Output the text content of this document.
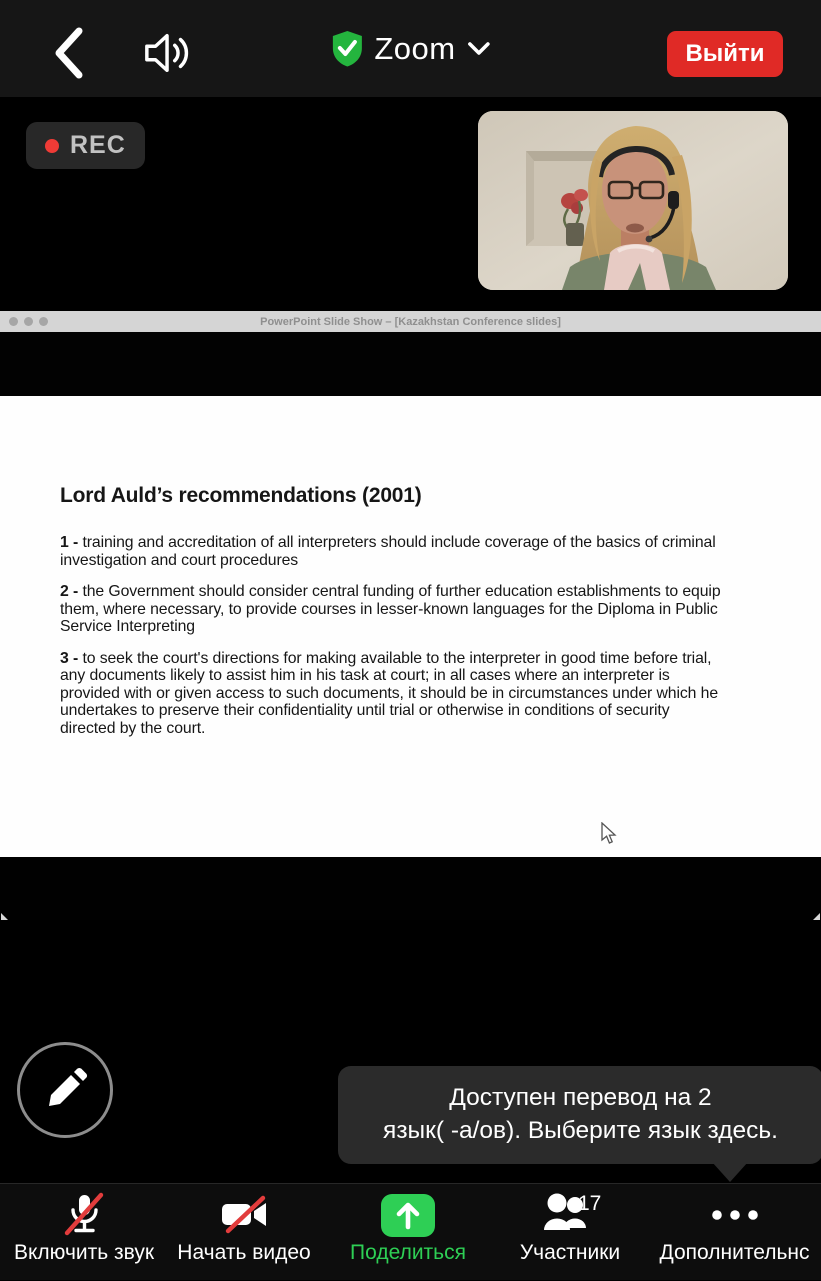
Zoom	Выйти
REC
PowerPoint Slide Show – [Kazakhstan Conference slides]
Lord Auld’s recommendations (2001)

1 - training and accreditation of all interpreters should include coverage of the basics of criminal investigation and court procedures

2 - the Government should consider central funding of further education establishments to equip them, where necessary, to provide courses in lesser-known languages for the Diploma in Public Service Interpreting

3 - to seek the court's directions for making available to the interpreter in good time before trial, any documents likely to assist him in his task at court; in all cases where an interpreter is provided with or given access to such documents, it should be in circumstances under which he undertakes to preserve their confidentiality until trial or otherwise in conditions of security directed by the court.

Доступен перевод на 2
язык( -а/ов). Выберите язык здесь.
Включить звук Начать видео Поделиться
17
Участники Дополнительнс
